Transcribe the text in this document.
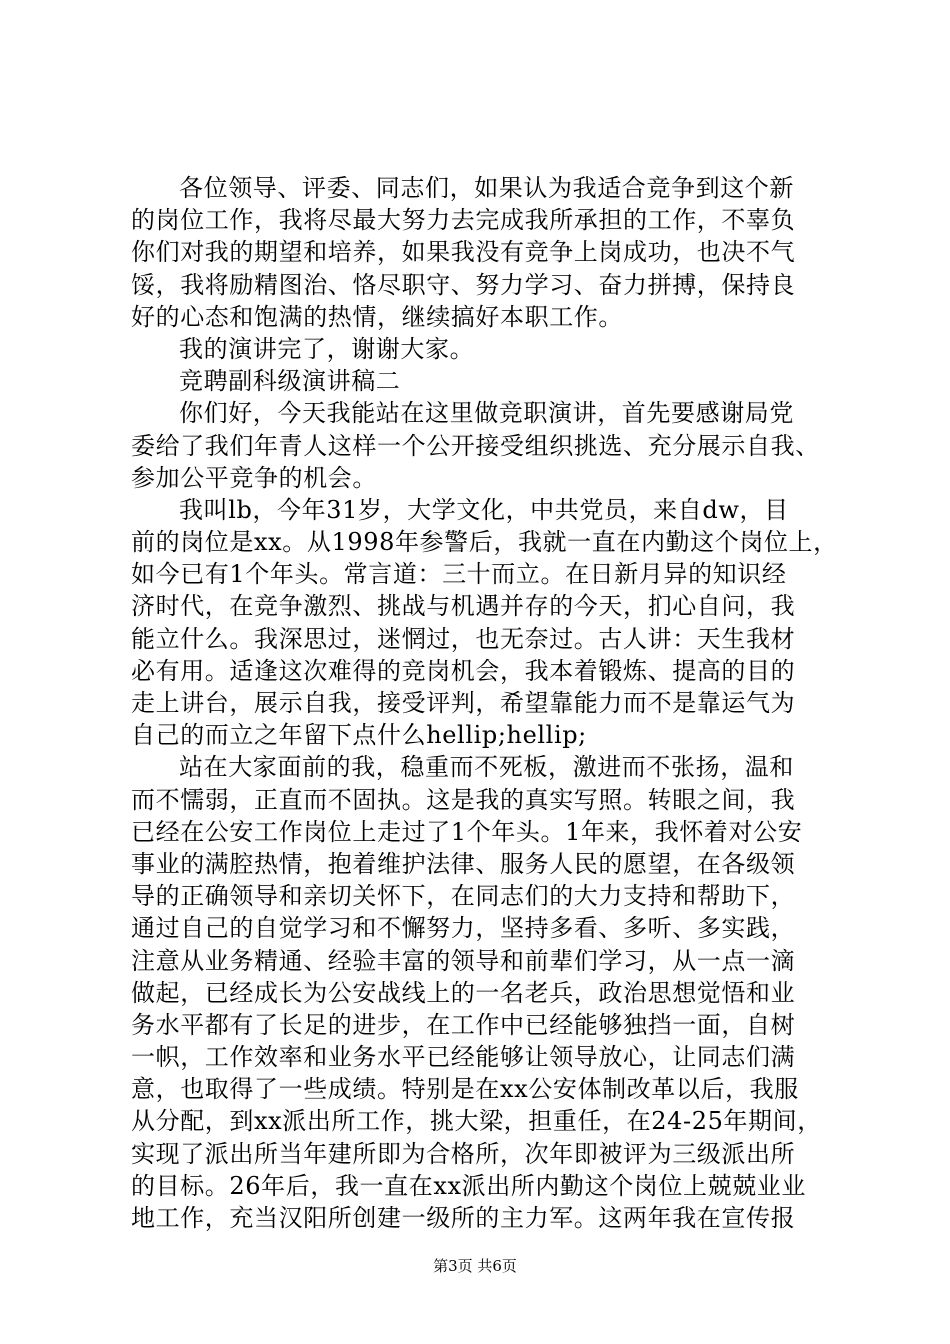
各位领导、评委、同志们，如果认为我适合竞争到这个新
的岗位工作，我将尽最大努力去完成我所承担的工作，不辜负
你们对我的期望和培养，如果我没有竞争上岗成功，也决不气
馁，我将励精图治、恪尽职守、努力学习、奋力拼搏，保持良
好的心态和饱满的热情，继续搞好本职工作。
我的演讲完了，谢谢大家。
竞聘副科级演讲稿二
你们好，今天我能站在这里做竞职演讲，首先要感谢局党
委给了我们年青人这样一个公开接受组织挑选、充分展示自我、
参加公平竞争的机会。
我叫lb，今年31岁，大学文化，中共党员，来自dw，目
前的岗位是xx。从1998年参警后，我就一直在内勤这个岗位上，
如今已有1个年头。常言道：三十而立。在日新月异的知识经
济时代，在竞争激烈、挑战与机遇并存的今天，扪心自问，我
能立什么。我深思过，迷惘过，也无奈过。古人讲：天生我材
必有用。适逢这次难得的竞岗机会，我本着锻炼、提高的目的
走上讲台，展示自我，接受评判，希望靠能力而不是靠运气为
自己的而立之年留下点什么hellip;hellip;
站在大家面前的我，稳重而不死板，激进而不张扬，温和
而不懦弱，正直而不固执。这是我的真实写照。转眼之间，我
已经在公安工作岗位上走过了1个年头。1年来，我怀着对公安
事业的满腔热情，抱着维护法律、服务人民的愿望，在各级领
导的正确领导和亲切关怀下，在同志们的大力支持和帮助下，
通过自己的自觉学习和不懈努力，坚持多看、多听、多实践，
注意从业务精通、经验丰富的领导和前辈们学习，从一点一滴
做起，已经成长为公安战线上的一名老兵，政治思想觉悟和业
务水平都有了长足的进步，在工作中已经能够独挡一面，自树
一帜，工作效率和业务水平已经能够让领导放心，让同志们满
意，也取得了一些成绩。特别是在xx公安体制改革以后，我服
从分配，到xx派出所工作，挑大梁，担重任，在24-25年期间，
实现了派出所当年建所即为合格所，次年即被评为三级派出所
的目标。26年后，我一直在xx派出所内勤这个岗位上兢兢业业
地工作，充当汉阳所创建一级所的主力军。这两年我在宣传报
第3页 共6页
